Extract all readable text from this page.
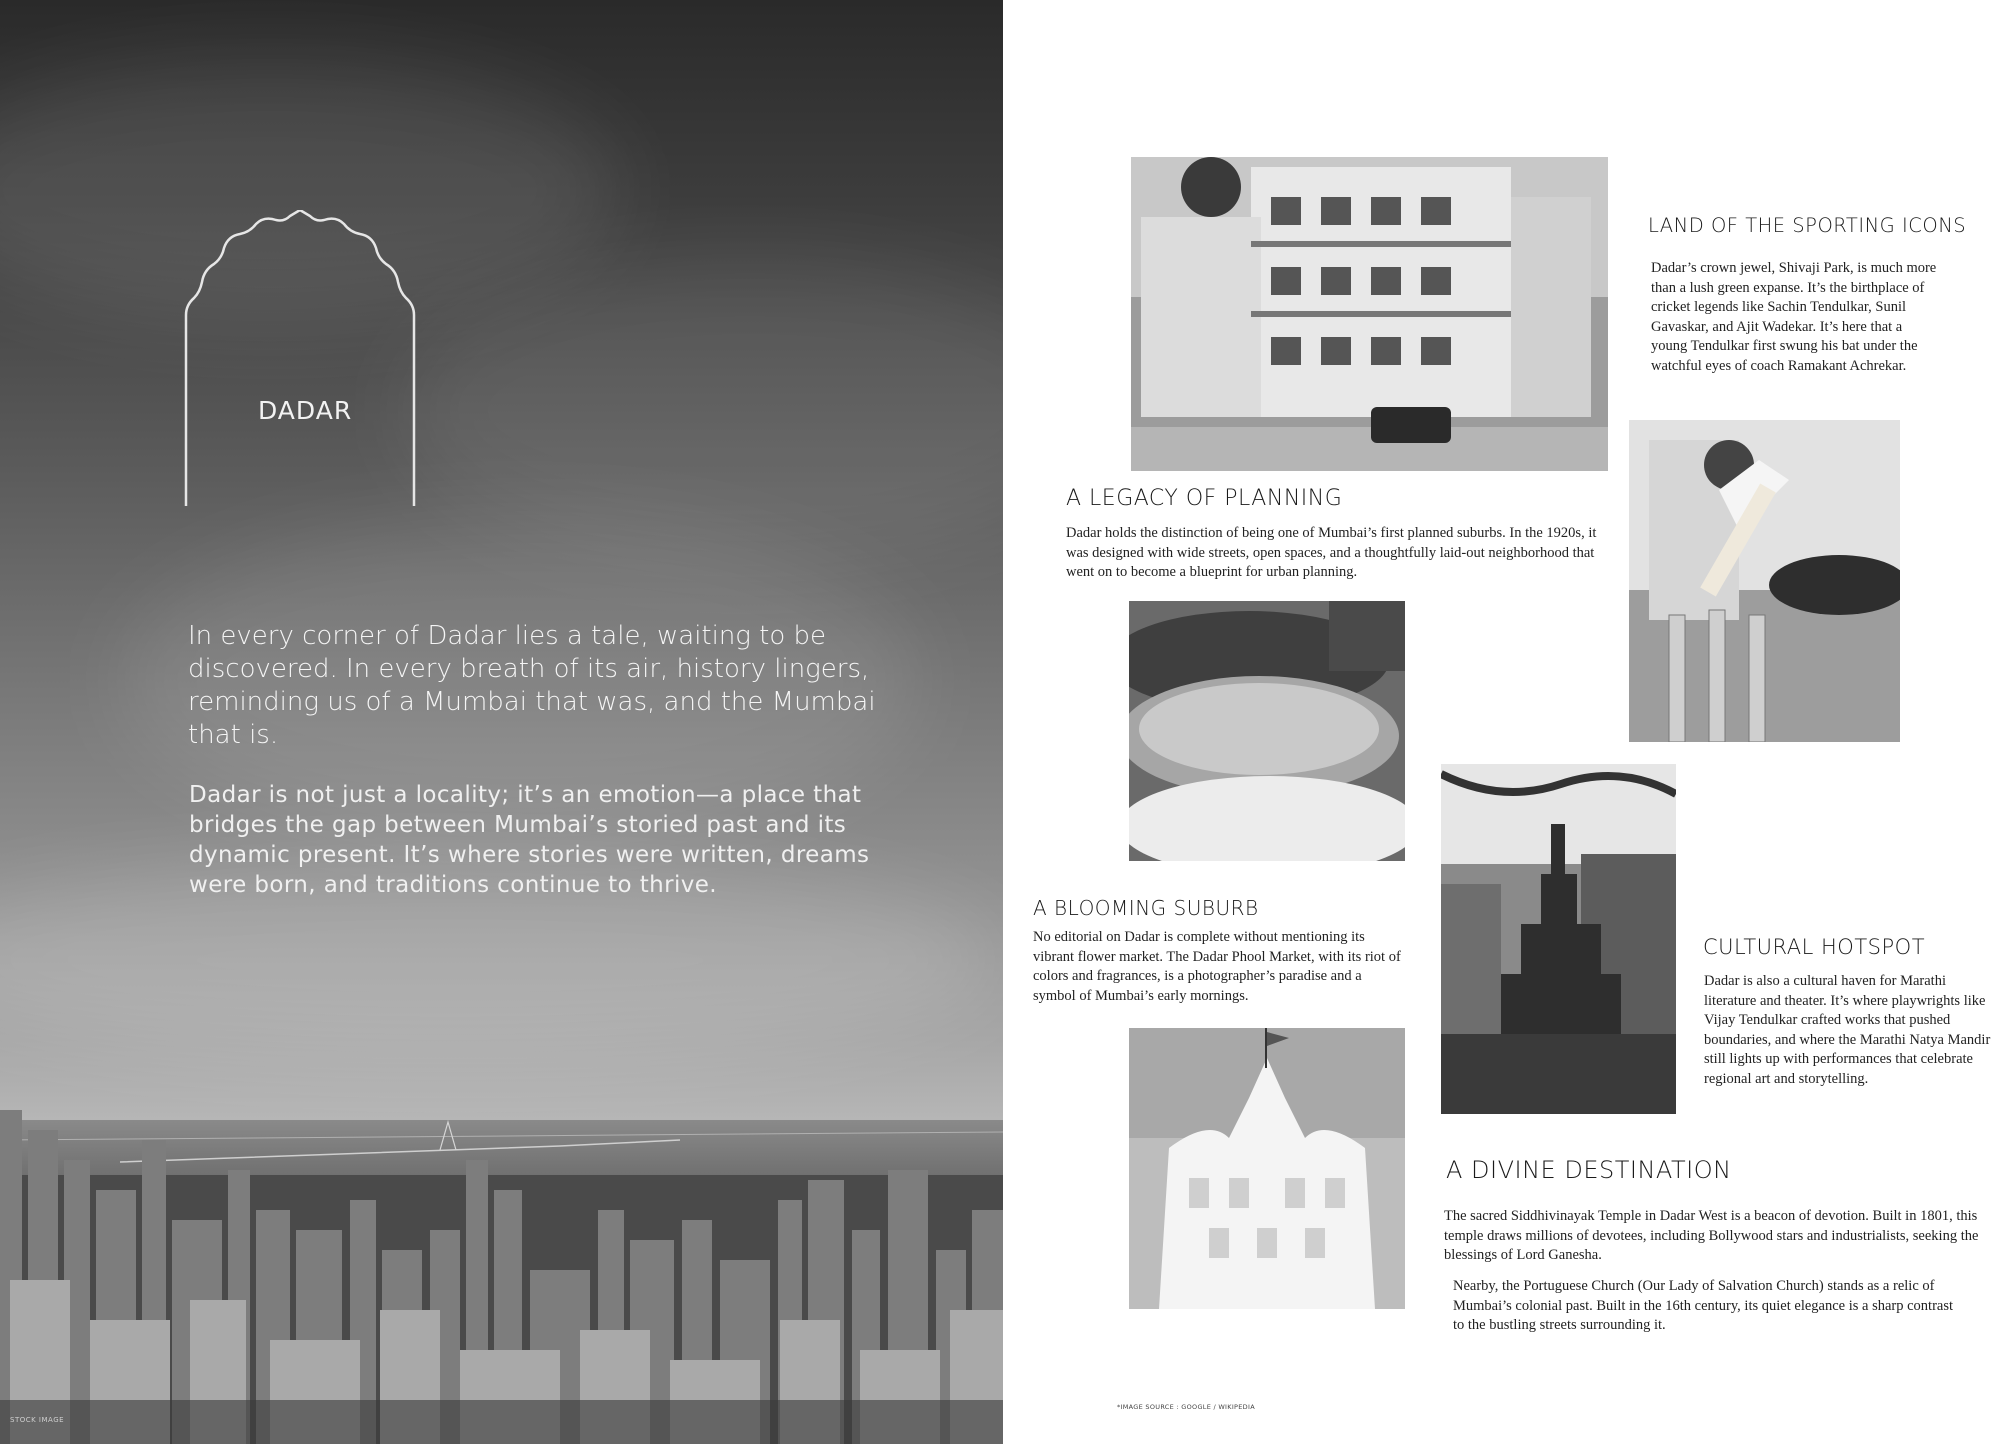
DADAR
In every corner of Dadar lies a tale, waiting to be discovered. In every breath of its air, history lingers, reminding us of a Mumbai that was, and the Mumbai that is.
Dadar is not just a locality; it’s an emotion—a place that bridges the gap between Mumbai’s storied past and its dynamic present. It’s where stories were written, dreams were born, and traditions continue to thrive.
STOCK IMAGE
LAND OF THE SPORTING ICONS
Dadar’s crown jewel, Shivaji Park, is much more than a lush green expanse. It’s the birthplace of cricket legends like Sachin Tendulkar, Sunil Gavaskar, and Ajit Wadekar. It’s here that a young Tendulkar first swung his bat under the watchful eyes of coach Ramakant Achrekar.
A LEGACY OF PLANNING
Dadar holds the distinction of being one of Mumbai’s first planned suburbs. In the 1920s, it was designed with wide streets, open spaces, and a thoughtfully laid-out neighborhood that went on to become a blueprint for urban planning.
A BLOOMING SUBURB
No editorial on Dadar is complete without mentioning its vibrant flower market. The Dadar Phool Market, with its riot of colors and fragrances, is a photographer’s paradise and a symbol of Mumbai’s early mornings.
CULTURAL HOTSPOT
Dadar is also a cultural haven for Marathi literature and theater. It’s where playwrights like Vijay Tendulkar crafted works that pushed boundaries, and where the Marathi Natya Mandir still lights up with performances that celebrate regional art and storytelling.
A DIVINE DESTINATION
The sacred Siddhivinayak Temple in Dadar West is a beacon of devotion. Built in 1801, this temple draws millions of devotees, including Bollywood stars and industrialists, seeking the blessings of Lord Ganesha.
Nearby, the Portuguese Church (Our Lady of Salvation Church) stands as a relic of Mumbai’s colonial past. Built in the 16th century, its quiet elegance is a sharp contrast to the bustling streets surrounding it.
*IMAGE SOURCE : GOOGLE / WIKIPEDIA
